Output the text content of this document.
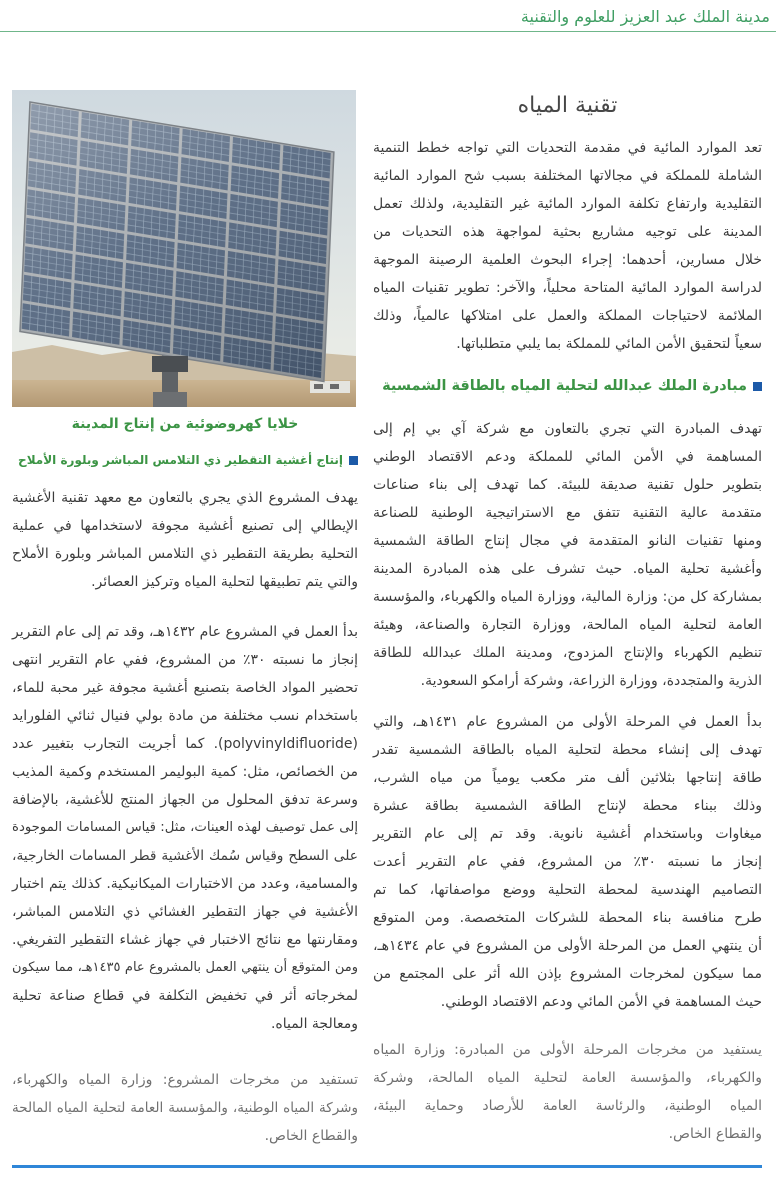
مدينة الملك عبد العزيز للعلوم والتقنية
تقنية المياه
تعد الموارد المائية في مقدمة التحديات التي تواجه خطط التنمية
الشاملة للمملكة في مجالاتها المختلفة بسبب شح الموارد المائية
التقليدية وارتفاع تكلفة الموارد المائية غير التقليدية، ولذلك تعمل
المدينة على توجيه مشاريع بحثية لمواجهة هذه التحديات من
خلال مسارين، أحدهما: إجراء البحوث العلمية الرصينة الموجهة
لدراسة الموارد المائية المتاحة محلياً، والآخر: تطوير تقنيات المياه
الملائمة لاحتياجات المملكة والعمل على امتلاكها عالمياً، وذلك
سعياً لتحقيق الأمن المائي للمملكة بما يلبي متطلباتها.
مبادرة الملك عبدالله لتحلية المياه بالطاقة الشمسية
تهدف المبادرة التي تجري بالتعاون مع شركة آي بي إم إلى
المساهمة في الأمن المائي للمملكة ودعم الاقتصاد الوطني
بتطوير حلول تقنية صديقة للبيئة. كما تهدف إلى بناء صناعات
متقدمة عالية التقنية تتفق مع الاستراتيجية الوطنية للصناعة
ومنها تقنيات النانو المتقدمة في مجال إنتاج الطاقة الشمسية
وأغشية تحلية المياه. حيث تشرف على هذه المبادرة المدينة
بمشاركة كل من: وزارة المالية، ووزارة المياه والكهرباء، والمؤسسة
العامة لتحلية المياه المالحة، ووزارة التجارة والصناعة، وهيئة
تنظيم الكهرباء والإنتاج المزدوج، ومدينة الملك عبدالله للطاقة
الذرية والمتجددة، ووزارة الزراعة، وشركة أرامكو السعودية.
بدأ العمل في المرحلة الأولى من المشروع عام ١٤٣١هـ، والتي
تهدف إلى إنشاء محطة لتحلية المياه بالطاقة الشمسية تقدر
طاقة إنتاجها بثلاثين ألف متر مكعب يومياً من مياه الشرب،
وذلك ببناء محطة لإنتاج الطاقة الشمسية بطاقة عشرة
ميغاوات وباستخدام أغشية نانوية. وقد تم إلى عام التقرير
إنجاز ما نسبته ٣٠٪ من المشروع، ففي عام التقرير أعدت
التصاميم الهندسية لمحطة التحلية ووضع مواصفاتها، كما تم
طرح منافسة بناء المحطة للشركات المتخصصة. ومن المتوقع
أن ينتهي العمل من المرحلة الأولى من المشروع في عام ١٤٣٤هـ،
مما سيكون لمخرجات المشروع بإذن الله أثر على المجتمع من
حيث المساهمة في الأمن المائي ودعم الاقتصاد الوطني.
يستفيد من مخرجات المرحلة الأولى من المبادرة: وزارة المياه
والكهرباء، والمؤسسة العامة لتحلية المياه المالحة، وشركة
المياه الوطنية، والرئاسة العامة للأرصاد وحماية البيئة،
والقطاع الخاص.
خلايا كهروضوئية من إنتاج المدينة
إنتاج أغشية التقطير ذي التلامس المباشر وبلورة الأملاح
يهدف المشروع الذي يجري بالتعاون مع معهد تقنية الأغشية
الإيطالي إلى تصنيع أغشية مجوفة لاستخدامها في عملية
التحلية بطريقة التقطير ذي التلامس المباشر وبلورة الأملاح
والتي يتم تطبيقها لتحلية المياه وتركيز العصائر.
بدأ العمل في المشروع عام ١٤٣٢هـ، وقد تم إلى عام التقرير
إنجاز ما نسبته ٣٠٪ من المشروع، ففي عام التقرير انتهى
تحضير المواد الخاصة بتصنيع أغشية مجوفة غير محبة للماء،
باستخدام نسب مختلفة من مادة بولي فنيال ثنائي الفلورايد
(polyvinyldifluoride). كما أجريت التجارب بتغيير عدد
من الخصائص، مثل: كمية البوليمر المستخدم وكمية المذيب
وسرعة تدفق المحلول من الجهاز المنتج للأغشية، بالإضافة
إلى عمل توصيف لهذه العينات، مثل: قياس المسامات الموجودة
على السطح وقياس سُمك الأغشية قطر المسامات الخارجية،
والمسامية، وعدد من الاختبارات الميكانيكية. كذلك يتم اختبار
الأغشية في جهاز التقطير الغشائي ذي التلامس المباشر،
ومقارنتها مع نتائج الاختبار في جهاز غشاء التقطير التفريغي.
ومن المتوقع أن ينتهي العمل بالمشروع عام ١٤٣٥هـ، مما سيكون
لمخرجاته أثر في تخفيض التكلفة في قطاع صناعة تحلية
ومعالجة المياه.
تستفيد من مخرجات المشروع: وزارة المياه والكهرباء،
وشركة المياه الوطنية، والمؤسسة العامة لتحلية المياه المالحة
والقطاع الخاص.
